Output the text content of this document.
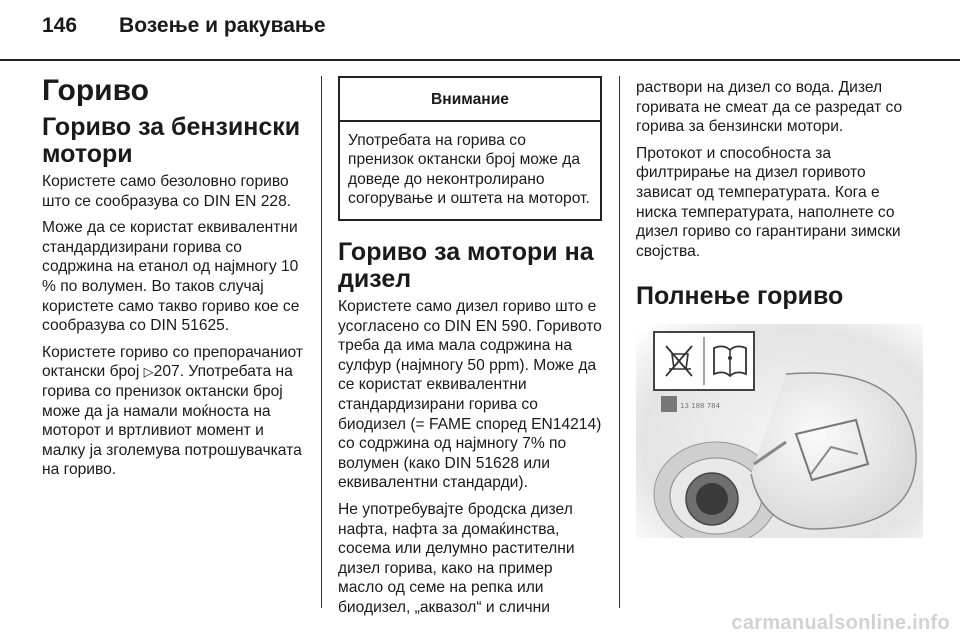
146 Возење и ракување
Гориво
Гориво за бензински мотори

Користете само безоловно гориво што се сообразува со DIN EN 228.

Може да се користат еквивалентни стандардизирани горива со содржина на етанол од најмногу 10 % по волумен. Во таков случај користете само такво гориво кое се сообразува со DIN 51625.

Користете гориво со препорачаниот октански број ▷207. Употребата на горива со пренизок октански број може да ја намали моќноста на моторот и вртливиот момент и малку ја зголемува потрошувачката на гориво.

Внимание
Употребата на горива со пренизок октански број може да доведе до неконтролирано согорување и оштета на моторот.
Гориво за мотори на дизел

Користете само дизел гориво што е усогласено со DIN EN 590. Горивото треба да има мала содржина на сулфур (најмногу 50 ppm). Може да се користат еквивалентни стандардизирани горива со биодизел (= FAME според EN14214) со содржина од најмногу 7% по волумен (како DIN 51628 или еквивалентни стандарди).

Не употребувајте бродска дизел нафта, нафта за домаќинства, сосема или делумно растителни дизел горива, како на пример масло од семе на репка или биодизел, „аквазол“ и слични

раствори на дизел со вода. Дизел горивата не смеат да се разредат со горива за бензински мотори.

Протокот и способноста за филтрирање на дизел горивото зависат од температурата. Кога е ниска температурата, наполнете со дизел гориво со гарантирани зимски својства.

Полнење гориво
13 188 784
carmanualsonline.info
